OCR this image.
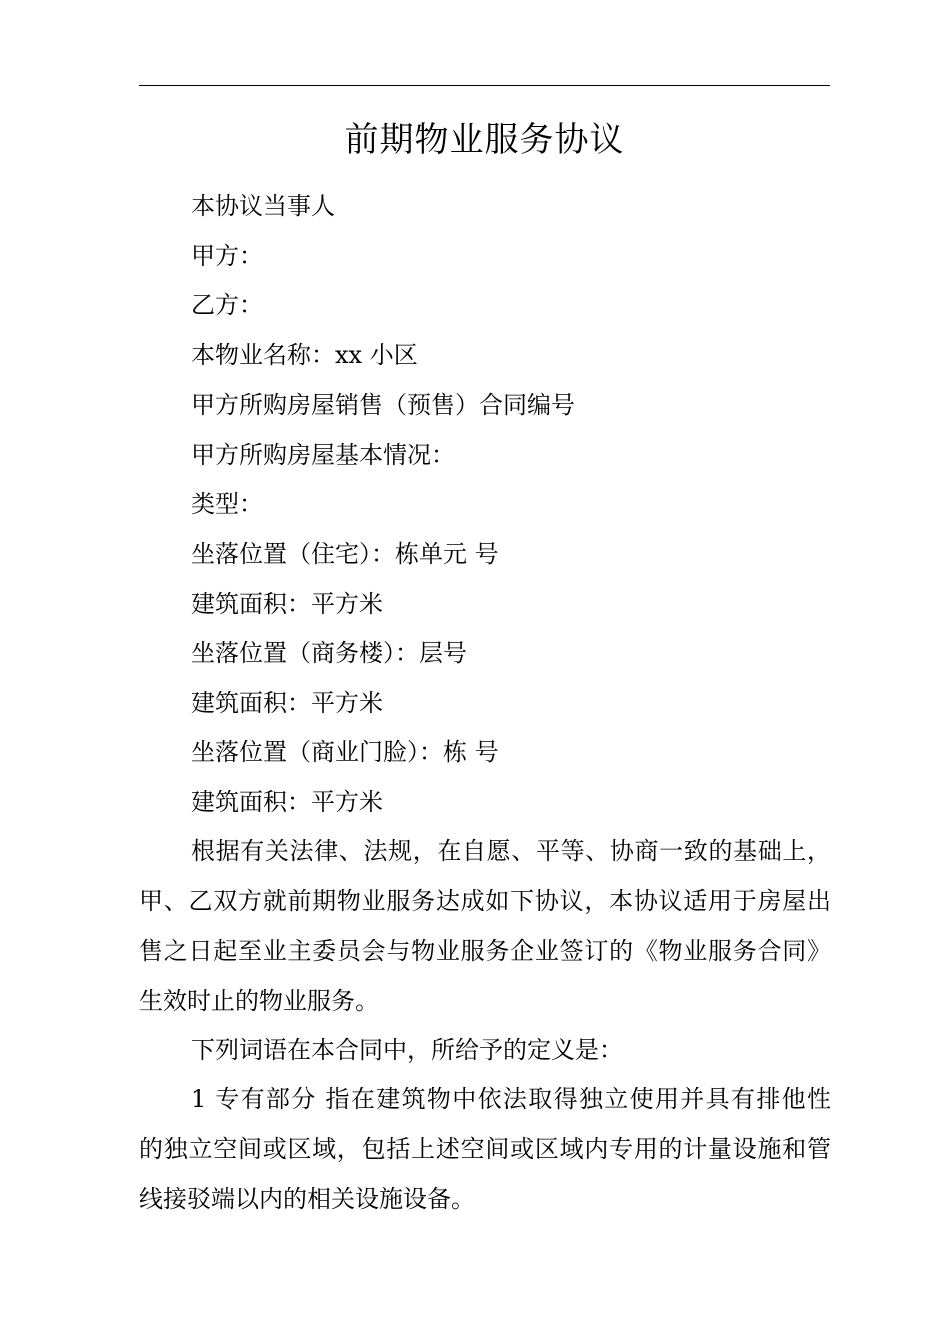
前期物业服务协议

本协议当事人

甲方：

乙方：

本物业名称：xx 小区

甲方所购房屋销售（预售）合同编号

甲方所购房屋基本情况：

类型：

坐落位置（住宅）：栋单元 号

建筑面积：平方米

坐落位置（商务楼）：层号

建筑面积：平方米

坐落位置（商业门脸）：栋 号

建筑面积：平方米

根据有关法律、法规，在自愿、平等、协商一致的基础上，
甲、乙双方就前期物业服务达成如下协议，本协议适用于房屋出
售之日起至业主委员会与物业服务企业签订的《物业服务合同》
生效时止的物业服务。
下列词语在本合同中，所给予的定义是：
1 专有部分 指在建筑物中依法取得独立使用并具有排他性
的独立空间或区域，包括上述空间或区域内专用的计量设施和管
线接驳端以内的相关设施设备。
